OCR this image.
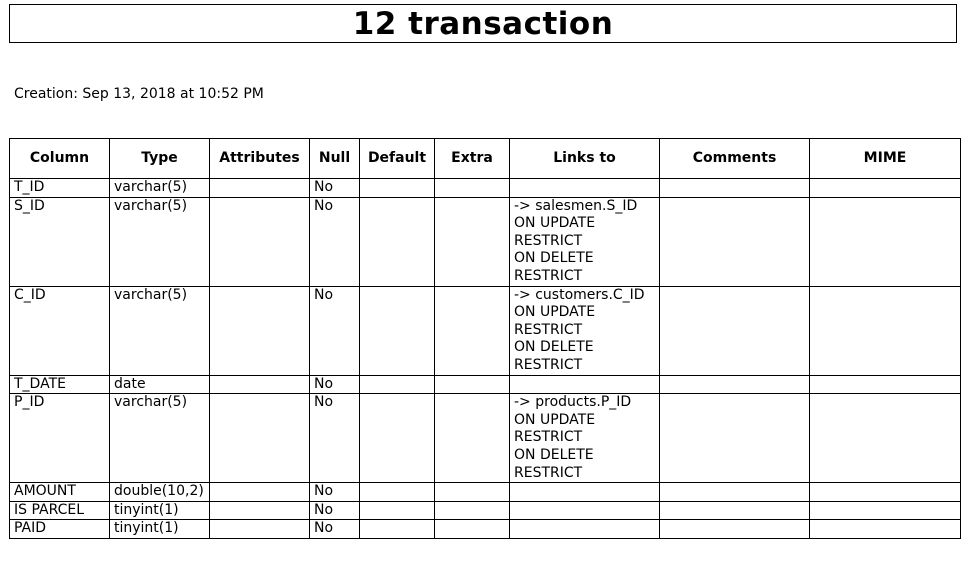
12 transaction
Creation: Sep 13, 2018 at 10:52 PM
Column	Type	Attributes	Null	Default	Extra	Links to	Comments	MIME
T_ID	varchar(5)		No					
S_ID	varchar(5)		No			-> salesmen.S_ID
ON UPDATE
RESTRICT
ON DELETE
RESTRICT		
C_ID	varchar(5)		No			-> customers.C_ID
ON UPDATE
RESTRICT
ON DELETE
RESTRICT		
T_DATE	date		No					
P_ID	varchar(5)		No			-> products.P_ID
ON UPDATE
RESTRICT
ON DELETE
RESTRICT		
AMOUNT	double(10,2)		No					
IS PARCEL	tinyint(1)		No					
PAID	tinyint(1)		No					
